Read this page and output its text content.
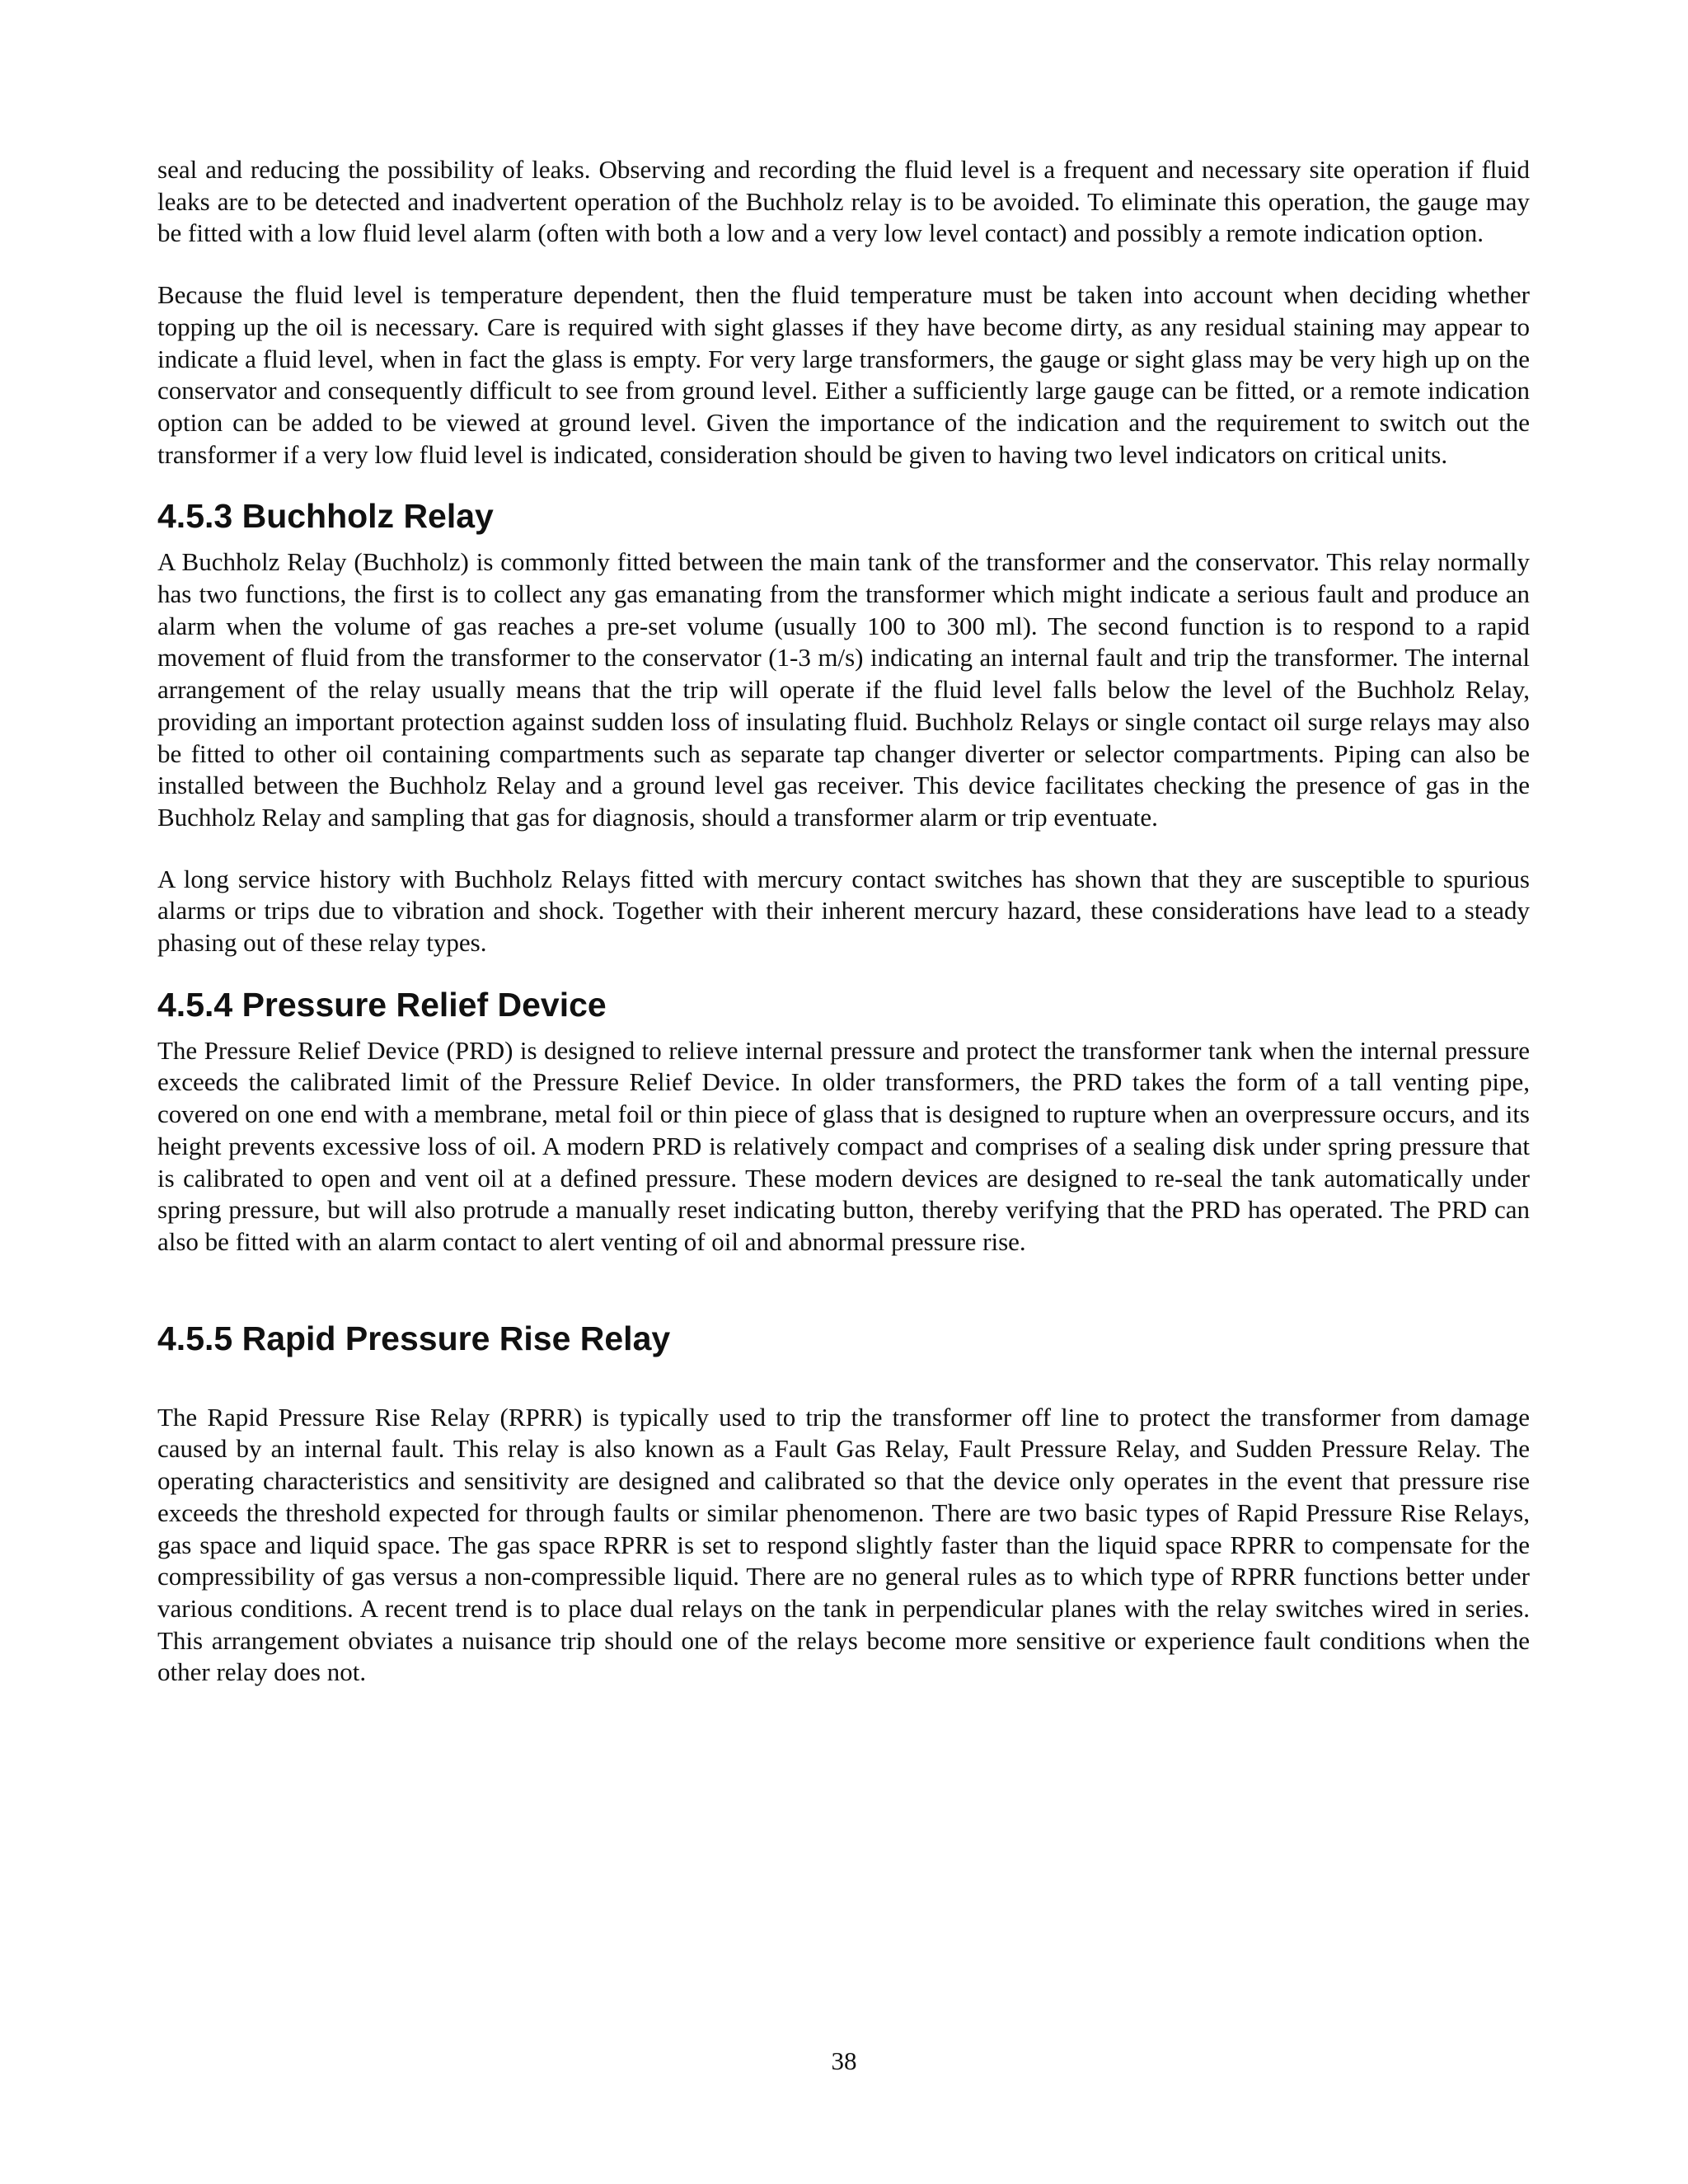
seal and reducing the possibility of leaks. Observing and recording the fluid level is a frequent and necessary site operation if fluid leaks are to be detected and inadvertent operation of the Buchholz relay is to be avoided. To eliminate this operation, the gauge may be fitted with a low fluid level alarm (often with both a low and a very low level contact) and possibly a remote indication option.

Because the fluid level is temperature dependent, then the fluid temperature must be taken into account when deciding whether topping up the oil is necessary. Care is required with sight glasses if they have become dirty, as any residual staining may appear to indicate a fluid level, when in fact the glass is empty. For very large transformers, the gauge or sight glass may be very high up on the conservator and consequently difficult to see from ground level. Either a sufficiently large gauge can be fitted, or a remote indication option can be added to be viewed at ground level. Given the importance of the indication and the requirement to switch out the transformer if a very low fluid level is indicated, consideration should be given to having two level indicators on critical units.

4.5.3 Buchholz Relay

A Buchholz Relay (Buchholz) is commonly fitted between the main tank of the transformer and the conservator. This relay normally has two functions, the first is to collect any gas emanating from the transformer which might indicate a serious fault and produce an alarm when the volume of gas reaches a pre-set volume (usually 100 to 300 ml). The second function is to respond to a rapid movement of fluid from the transformer to the conservator (1-3 m/s) indicating an internal fault and trip the transformer. The internal arrangement of the relay usually means that the trip will operate if the fluid level falls below the level of the Buchholz Relay, providing an important protection against sudden loss of insulating fluid. Buchholz Relays or single contact oil surge relays may also be fitted to other oil containing compartments such as separate tap changer diverter or selector compartments. Piping can also be installed between the Buchholz Relay and a ground level gas receiver. This device facilitates checking the presence of gas in the Buchholz Relay and sampling that gas for diagnosis, should a transformer alarm or trip eventuate.

A long service history with Buchholz Relays fitted with mercury contact switches has shown that they are susceptible to spurious alarms or trips due to vibration and shock. Together with their inherent mercury hazard, these considerations have lead to a steady phasing out of these relay types.

4.5.4 Pressure Relief Device

The Pressure Relief Device (PRD) is designed to relieve internal pressure and protect the transformer tank when the internal pressure exceeds the calibrated limit of the Pressure Relief Device. In older transformers, the PRD takes the form of a tall venting pipe, covered on one end with a membrane, metal foil or thin piece of glass that is designed to rupture when an overpressure occurs, and its height prevents excessive loss of oil. A modern PRD is relatively compact and comprises of a sealing disk under spring pressure that is calibrated to open and vent oil at a defined pressure. These modern devices are designed to re-seal the tank automatically under spring pressure, but will also protrude a manually reset indicating button, thereby verifying that the PRD has operated. The PRD can also be fitted with an alarm contact to alert venting of oil and abnormal pressure rise.

4.5.5 Rapid Pressure Rise Relay

The Rapid Pressure Rise Relay (RPRR) is typically used to trip the transformer off line to protect the transformer from damage caused by an internal fault. This relay is also known as a Fault Gas Relay, Fault Pressure Relay, and Sudden Pressure Relay. The operating characteristics and sensitivity are designed and calibrated so that the device only operates in the event that pressure rise exceeds the threshold expected for through faults or similar phenomenon. There are two basic types of Rapid Pressure Rise Relays, gas space and liquid space. The gas space RPRR is set to respond slightly faster than the liquid space RPRR to compensate for the compressibility of gas versus a non-compressible liquid. There are no general rules as to which type of RPRR functions better under various conditions. A recent trend is to place dual relays on the tank in perpendicular planes with the relay switches wired in series. This arrangement obviates a nuisance trip should one of the relays become more sensitive or experience fault conditions when the other relay does not.

38
